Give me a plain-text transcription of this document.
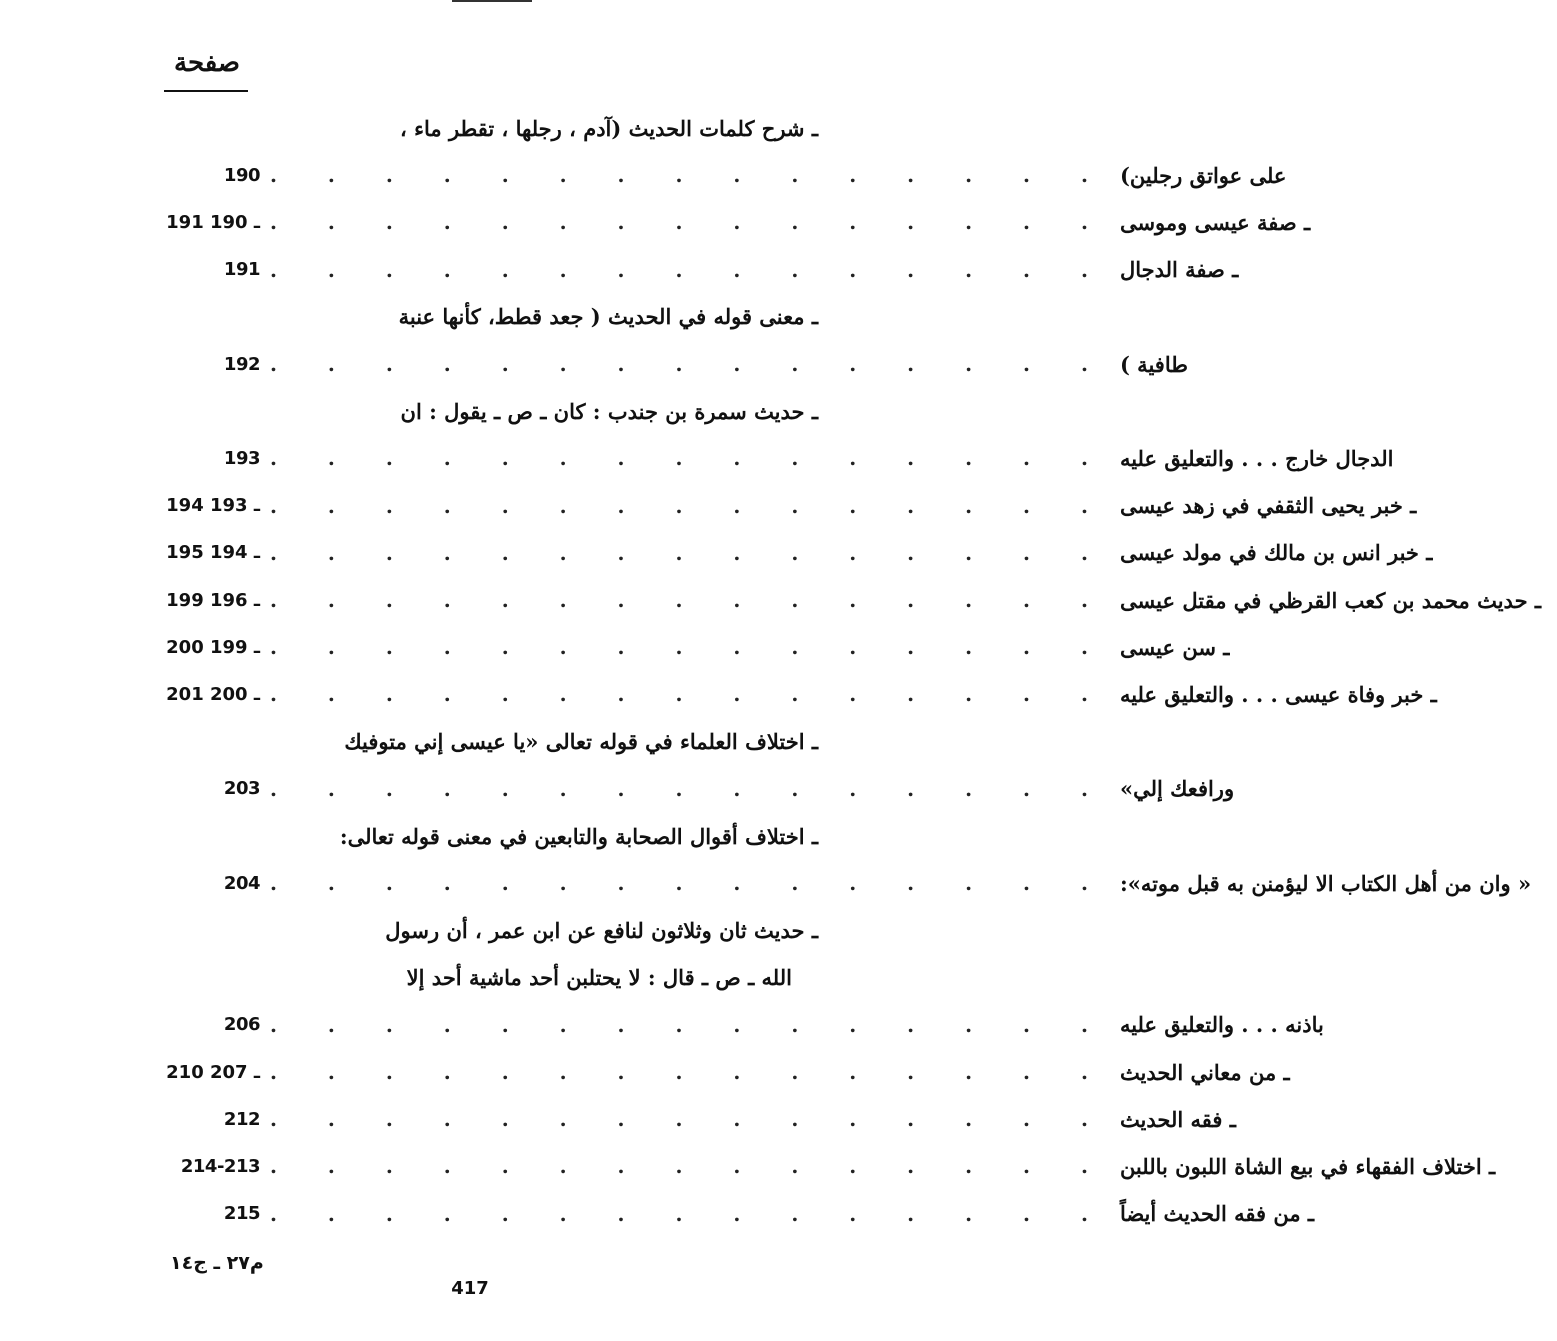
صفحة
ـ شرح كلمات الحديث (آدم ، رجلها ، تقطر ماء ،
190	على عواتق رجلين)
. . . . . . . . . . . . . . .
191 ـ 190	ـ صفة عيسى وموسى
. . . . . . . . . . . . . . .
191	ـ صفة الدجال
. . . . . . . . . . . . . . .
ـ معنى قوله في الحديث ( جعد قطط، كأنها عنبة
192	طافية )
. . . . . . . . . . . . . . .
ـ حديث سمرة بن جندب : كان ـ ص ـ يقول : ان
193	الدجال خارج . . . والتعليق عليه
. . . . . . . . . . . . . . .
194 ـ 193	ـ خبر يحيى الثقفي في زهد عيسى
. . . . . . . . . . . . . . .
195 ـ 194	ـ خبر انس بن مالك في مولد عيسى
. . . . . . . . . . . . . . .
199 ـ 196	ـ حديث محمد بن كعب القرظي في مقتل عيسى
. . . . . . . . . . . . . . .
200 ـ 199	ـ سن عيسى
. . . . . . . . . . . . . . .
201 ـ 200	ـ خبر وفاة عيسى . . . والتعليق عليه
. . . . . . . . . . . . . . .
ـ اختلاف العلماء في قوله تعالى «يا عيسى إني متوفيك
203	ورافعك إلي»
. . . . . . . . . . . . . . .
ـ اختلاف أقوال الصحابة والتابعين في معنى قوله تعالى:
204	« وان من أهل الكتاب الا ليؤمنن به قبل موته»:
. . . . . . . . . . . . . . .
ـ حديث ثان وثلاثون لنافع عن ابن عمر ، أن رسول
الله ـ ص ـ قال : لا يحتلبن أحد ماشية أحد إلا
206	باذنه . . . والتعليق عليه
. . . . . . . . . . . . . . .
210 ـ 207	ـ من معاني الحديث
. . . . . . . . . . . . . . .
212	ـ فقه الحديث
. . . . . . . . . . . . . . .
214-213	ـ اختلاف الفقهاء في بيع الشاة اللبون باللبن
. . . . . . . . . . . . . . .
215	ـ من فقه الحديث أيضاً
. . . . . . . . . . . . . . .
م٢٧ ـ ج١٤
417
